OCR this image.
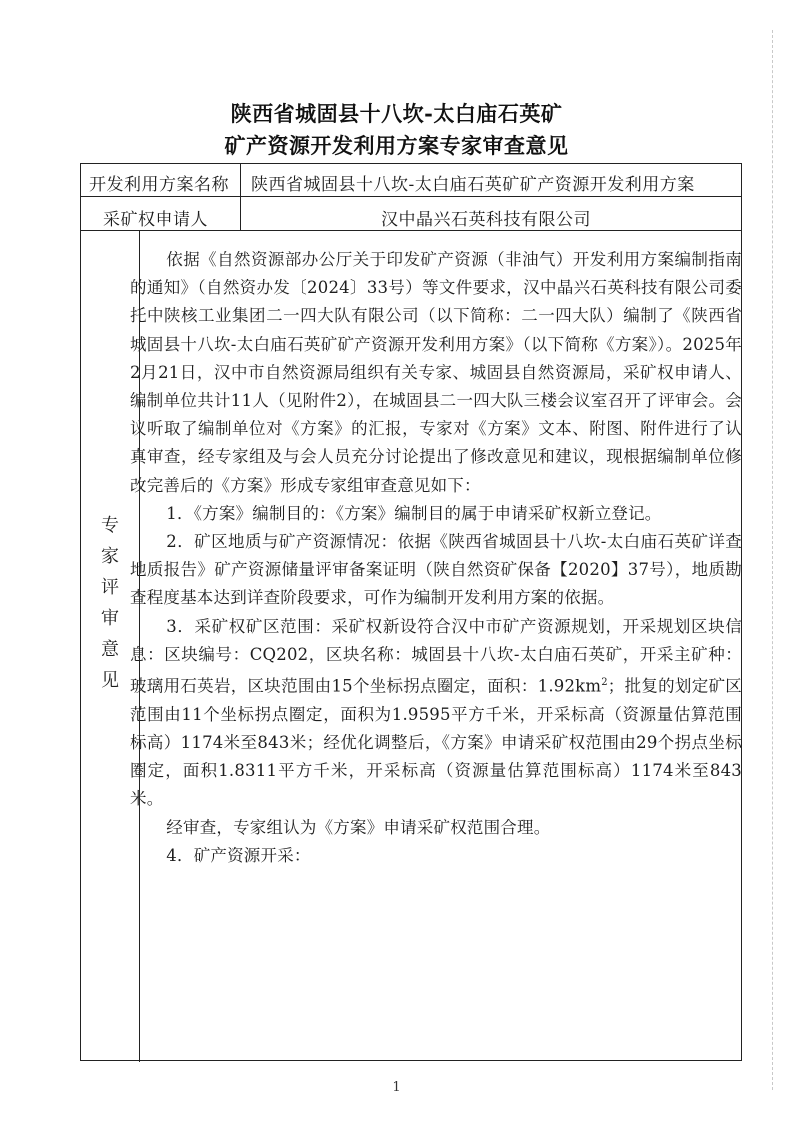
陕西省城固县十八坎-太白庙石英矿
矿产资源开发利用方案专家审查意见
开发利用方案名称 陕西省城固县十八坎-太白庙石英矿矿产资源开发利用方案
采矿权申请人	汉中晶兴石英科技有限公司
专家评审意见

依据《自然资源部办公厅关于印发矿产资源（非油气）开发利用方案编制指南的通知》（自然资办发〔2024〕33号）等文件要求，汉中晶兴石英科技有限公司委托中陕核工业集团二一四大队有限公司（以下简称：二一四大队）编制了《陕西省城固县十八坎-太白庙石英矿矿产资源开发利用方案》（以下简称《方案》）。2025年2月21日，汉中市自然资源局组织有关专家、城固县自然资源局，采矿权申请人、编制单位共计11人（见附件2），在城固县二一四大队三楼会议室召开了评审会。会议听取了编制单位对《方案》的汇报，专家对《方案》文本、附图、附件进行了认真审查，经专家组及与会人员充分讨论提出了修改意见和建议，现根据编制单位修改完善后的《方案》形成专家组审查意见如下：

1．《方案》编制目的：《方案》编制目的属于申请采矿权新立登记。

2．矿区地质与矿产资源情况：依据《陕西省城固县十八坎-太白庙石英矿详查地质报告》矿产资源储量评审备案证明（陕自然资矿保备【2020】37号），地质勘查程度基本达到详查阶段要求，可作为编制开发利用方案的依据。

3．采矿权矿区范围：采矿权新设符合汉中市矿产资源规划，开采规划区块信息：区块编号：CQ202，区块名称：城固县十八坎-太白庙石英矿，开采主矿种：玻璃用石英岩，区块范围由15个坐标拐点圈定，面积：$1.92km^2$；批复的划定矿区范围由11个坐标拐点圈定，面积为1.9595平方千米，开采标高（资源量估算范围标高）1174米至843米；经优化调整后，《方案》申请采矿权范围由29个拐点坐标圈定，面积1.8311平方千米，开采标高（资源量估算范围标高）1174米至843米。

经审查，专家组认为《方案》申请采矿权范围合理。

4．矿产资源开采：

1
